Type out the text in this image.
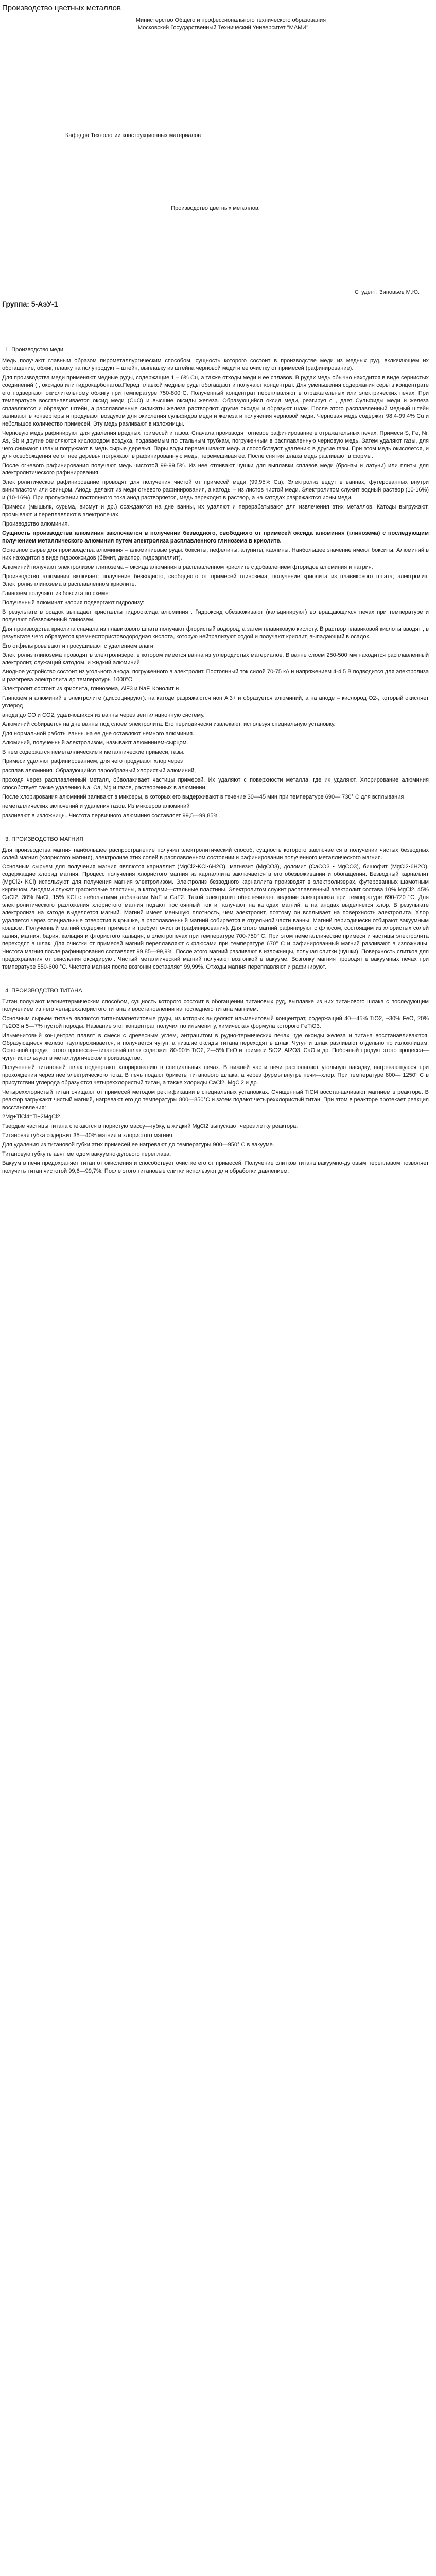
Производство цветных металлов
Министерство Общего и профессионального технического образования
Московский Государственный Технический Университет "МАМИ"
Кафедра Технологии конструкционных материалов
Производство цветных металлов.
Студент: Зиновьев М.Ю.
Группа: 5-АэУ-1
1. Производство меди.

Медь получают главным образом пирометаллургическим способом, сущность которого состоит в производстве меди из медных руд, включающем их обогащение, обжиг, плавку на полупродукт – штейн, выплавку из штейна черновой меди и ее очистку от примесей (рафинирование).

Для производства меди применяют медные руды, содержащие 1 – 6% Cu, а также отходы меди и ее сплавов. В рудах медь обычно находится в виде сернистых соединений ( , оксидов или гидрокарбонатов.Перед плавкой медные руды обогащают и получают концентрат. Для уменьшения содержания серы в концентрате его подвергают окислительному обжигу при температуре 750-800°С. Полученный концентрат переплавляют в отражательных или электрических печах. При температуре восстанавливается оксид меди (CuO) и высшие оксиды железа. Образующийся оксид меди, реагируя с , дает Сульфиды меди и железа сплавляются и образуют штейн, а расплавленные силикаты железа растворяют другие оксиды и образуют шлак. После этого расплавленный медный штейн заливают в конвертеры и продувают воздухом для окисления сульфидов меди и железа и получения черновой меди. Черновая медь содержит 98,4-99,4% Cu и небольшое количество примесей. Эту медь разливают в изложницы.

Черновую медь рафинируют для удаления вредных примесей и газов. Сначала производят огневое рафинирование в отражательных печах. Примеси S, Fe, Ni, As, Sb и другие окисляются кислородом воздуха, подаваемым по стальным трубкам, погруженным в расплавленную черновую медь. Затем удаляют газы, для чего снимают шлак и погружают в медь сырые деревья. Пары воды перемешивают медь и способствуют удалению в другие газы. При этом медь окисляется, и для освобождения ее от нее деревья погружают в рафинированную медь, перемешивая ее. После снятия шлака медь разливают в формы.

После огневого рафинирования получают медь чистотой 99-99,5%. Из нее отливают чушки для выплавки сплавов меди (бронзы и латуни) или плиты для электролитического рафинирования.

Электролитическое рафинирование проводят для получения чистой от примесей меди (99,95% Cu). Электролиз ведут в ваннах, футерованных внутри винипластом или свинцом. Аноды делают из меди огневого рафинирования, а катоды – из листов чистой меди. Электролитом служит водный раствор (10-16%) и (10-16%). При пропускании постоянного тока анод растворяется, медь переходит в раствор, а на катодах разряжаются ионы меди.

Примеси (мышьяк, сурьма, висмут и др.) осаждаются на дне ванны, их удаляют и перерабатывают для извлечения этих металлов. Катоды выгружают, промывают и переплавляют в электропечах.

Производство алюминия.

Сущность производства алюминия заключается в получении безводного, свободного от примесей оксида алюминия (глинозема) с последующим получением металлического алюминия путем электролиза расплавленного глинозема в криолите.

Основное сырье для производства алюминия – алюминиевые руды: бокситы, нефелины, алуниты, каолины. Наибольшее значение имеют бокситы. Алюминий в них находится в виде гидрооксидов (бёмит, диаспор, гидраргиллит).

Алюминий получают электролизом глинозема – оксида алюминия в расплавленном криолите с добавлением фторидов алюминия и натрия.

Производство алюминия включает: получение безводного, свободного от примесей глинозема; получение криолита из плавикового шпата; электролиз. Электролиз глинозема в расплавленном криолите.

Глинозем получают из боксита по схеме:

Полученный алюминат натрия подвергают гидролизу:

В результате в осадок выпадает кристаллы гидрооксида алюминия . Гидроксид обезвоживают (кальцинируют) во вращающихся печах при температуре и получают обезвоженный глинозем.

Для производства криолита сначала из плавикового шпата получают фтористый водород, а затем плавиковую кислоту. В раствор плавиковой кислоты вводят , в результате чего образуется кремнефтористоводородная кислота, которую нейтрализуют содой и получают криолит, выпадающий в осадок.

Его отфильтровывают и просушивают с удалением влаги.

Электролиз глинозема проводят в электролизере, в котором имеется ванна из углеродистых материалов. В ванне слоем 250-500 мм находится расплавленный электролит, служащий катодом, и жидкий алюминий.

Анодное устройство состоит из угольного анода, погруженного в электролит. Постоянный ток силой 70-75 кА и напряжением 4-4,5 В подводится для электролиза и разогрева электролита до температуры 1000°C.

Электролит состоит из криолита, глинозема, AlF3 и NaF. Криолит и

Глинозем и алюминий в электролите (диссоциируют): на катоде разряжаются ион Al3+ и образуется алюминий, а на аноде – кислород O2-, который окисляет углерод

анода до CO и CO2, удаляющихся из ванны через вентиляционную систему.

Алюминий собирается на дне ванны под слоем электролита. Его периодически извлекают, используя специальную установку.

Для нормальной работы ванны на ее дне оставляют немного алюминия.

Алюминий, полученный электролизом, называют алюминием-сырцом.

В нем содержатся неметаллические и металлические примеси, газы.

Примеси удаляют рафинированием, для чего продувают хлор через

расплав алюминия. Образующийся парообразный хлористый алюминий,

проходя через расплавленный металл, обволакивает частицы примесей. Их удаляют с поверхности металла, где их удаляют. Хлорирование алюминия способствует также удалению Na, Ca, Mg и газов, растворенных в алюминии.

После хлорирования алюминий заливают в миксеры, в которых его выдерживают в течение 30—45 мин при температуре 690— 730° С для всплывания

неметаллических включений и удаления газов. Из миксеров алюминий

разливают в изложницы. Чистота первичного алюминия составляет 99,5—99,85%.

3. ПРОИЗВОДСТВО МАГНИЯ

Для производства магния наибольшее распространение получил электролитический способ, сущность которого заключается в получении чистых безводных солей магния (хлористого магния), электролизе этих солей в расплавленном состоянии и рафинировании полученного металлического магния.

Основным сырьем для получения магния являются карналлит (MgCl2•KCl•6H2O), магнезит (MgCO3), доломит (CaCO3 • MgCO3), бишофит (MgCl2•6H2O), содержащие хлорид магния. Процесс получения хлористого магния из карналлита заключается в его обезвоживании и обогащении. Безводный карналлит (MgCl2• KCl) используют для получения магния электролизом. Электролиз безводного карналлита производят в электролизерах, футерованных шамотным кирпичом. Анодами служат графитовые пластины, а катодами—стальные пластины. Электролитом служит расплавленный электролит состава 10% MgCl2, 45% CaCl2, 30% NaCl, 15% KCl с небольшими добавками NaF и CaF2. Такой электролит обеспечивает ведение электролиза при температуре 690-720 °С. Для электролитического разложения хлористого магния подают постоянный ток и получают на катодах магний, а на анодах выделяется хлор. В результате электролиза на катоде выделяется магний. Магний имеет меньшую плотность, чем электролит, поэтому он всплывает на поверхность электролита. Хлор удаляется через специальные отверстия в крышке, а расплавленный магний собирается в отдельной части ванны. Магний периодически отбирают вакуумным ковшом. Полученный магний содержит примеси и требует очистки (рафинирования). Для этого магний рафинируют с флюсом, состоящим из хлористых солей калия, магния, бария, кальция и фтористого кальция, в электропечах при температуре 700-750° С. При этом неметаллические примеси и частицы электролита переходят в шлак. Для очистки от примесей магний переплавляют с флюсами при температуре 670° С и рафинированный магний разливают в изложницы. Чистота магния после рафинирования составляет 99,85—99,9%. После этого магний разливают в изложницы, получая слитки (чушки). Поверхность слитков для предохранения от окисления оксидируют. Чистый металлический магний получают возгонкой в вакууме. Возгонку магния проводят в вакуумных печах при температуре 550-600 °С. Чистота магния после возгонки составляет 99,99%. Отходы магния переплавляют и рафинируют.

4. ПРОИЗВОДСТВО ТИТАНА

Титан получают магниетермическим способом, сущность которого состоит в обогащении титановых руд, выплавке из них титанового шлака с последующим получением из него четыреххлористого титана и восстановлении из последнего титана магнием.

Основным сырьем титана являются титаномагнетитовые руды, из которых выделяют ильменитовый концентрат, содержащий 40—45% TiO2, ~30% FeO, 20% Fe2O3 и 5—7% пустой породы. Название этот концентрат получил по ильмениту, химическая формула которого FeTiO3.

Ильменитовый концентрат плавят в смеси с древесным углем, антрацитом в рудно-термических печах, где оксиды железа и титана восстанавливаются. Образующиеся железо науглероживается, и получается чугун, а низшие оксиды титана переходят в шлак. Чугун и шлак разливают отдельно по изложницам. Основной продукт этого процесса—титановый шлак содержит 80-90% TiO2, 2—5% FeO и примеси SiO2, Al2O3, CaO и др. Побочный продукт этого процесса— чугун используют в металлургическом производстве.

Полученный титановый шлак подвергают хлорированию в специальных печах. В нижней части печи располагают угольную насадку, нагревающуюся при прохождении через нее электрического тока. В печь подают брикеты титанового шлака, а через фурмы внутрь печи—хлор. При температуре 800— 1250° С в присутствии углерода образуются четыреххлористый титан, а также хлориды CaCl2, MgCl2 и др.

Четыреххлористый титан очищают от примесей методом ректификации в специальных установках. Очищенный TiCl4 восстанавливают магнием в реакторе. В реактор загружают чистый магний, нагревают его до температуры 800—850°С и затем подают четыреххлористый титан. При этом в реакторе протекает реакция восстановления:

2Mg+TiCl4=Ti+2MgCl2.

Твердые частицы титана спекаются в пористую массу—губку, а жидкий MgCl2 выпускают через летку реактора.

Титановая губка содержит 35—40% магния и хлористого магния.

Для удаления из титановой губки этих примесей ее нагревают до температуры 900—950° С в вакууме.

Титановую губку плавят методом вакуумно-дугового переплава.

Вакуум в печи предохраняет титан от окисления и способствует очистке его от примесей. Получение слитков титана вакуумно-дуговым переплавом позволяет получить титан чистотой 99,6—99,7%. После этого титановые слитки используют для обработки давлением.
